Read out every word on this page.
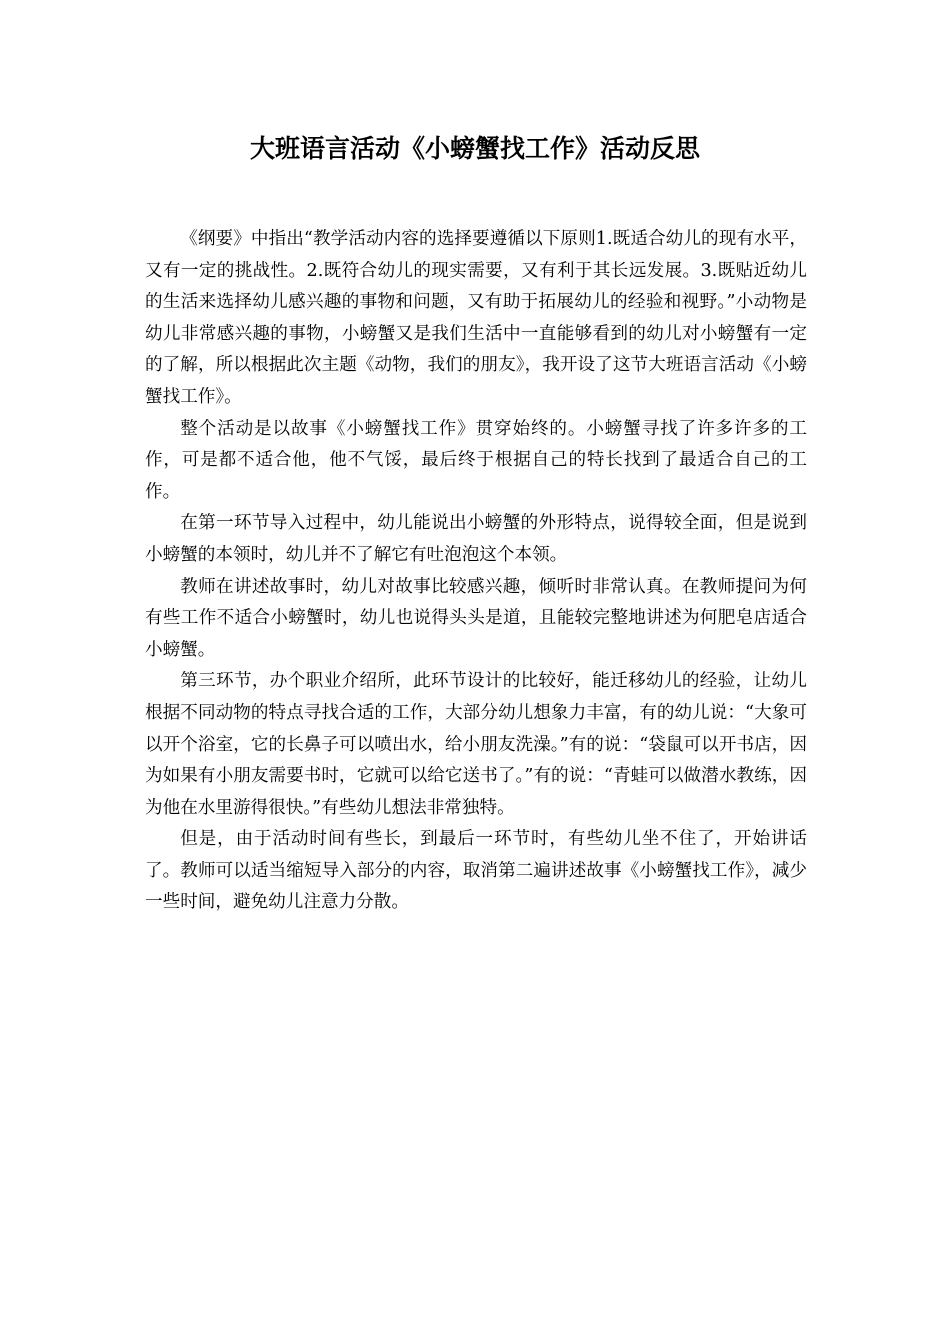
大班语言活动《小螃蟹找工作》活动反思

《纲要》中指出“教学活动内容的选择要遵循以下原则1.既适合幼儿的现有水平，又有一定的挑战性。2.既符合幼儿的现实需要，又有利于其长远发展。3.既贴近幼儿的生活来选择幼儿感兴趣的事物和问题，又有助于拓展幼儿的经验和视野。”小动物是幼儿非常感兴趣的事物，小螃蟹又是我们生活中一直能够看到的幼儿对小螃蟹有一定的了解，所以根据此次主题《动物，我们的朋友》，我开设了这节大班语言活动《小螃蟹找工作》。

整个活动是以故事《小螃蟹找工作》贯穿始终的。小螃蟹寻找了许多许多的工作，可是都不适合他，他不气馁，最后终于根据自己的特长找到了最适合自己的工作。

在第一环节导入过程中，幼儿能说出小螃蟹的外形特点，说得较全面，但是说到小螃蟹的本领时，幼儿并不了解它有吐泡泡这个本领。

教师在讲述故事时，幼儿对故事比较感兴趣，倾听时非常认真。在教师提问为何有些工作不适合小螃蟹时，幼儿也说得头头是道，且能较完整地讲述为何肥皂店适合小螃蟹。

第三环节，办个职业介绍所，此环节设计的比较好，能迁移幼儿的经验，让幼儿根据不同动物的特点寻找合适的工作，大部分幼儿想象力丰富，有的幼儿说：“大象可以开个浴室，它的长鼻子可以喷出水，给小朋友洗澡。”有的说：“袋鼠可以开书店，因为如果有小朋友需要书时，它就可以给它送书了。”有的说：“青蛙可以做潜水教练，因为他在水里游得很快。”有些幼儿想法非常独特。

但是，由于活动时间有些长，到最后一环节时，有些幼儿坐不住了，开始讲话了。教师可以适当缩短导入部分的内容，取消第二遍讲述故事《小螃蟹找工作》，减少一些时间，避免幼儿注意力分散。
